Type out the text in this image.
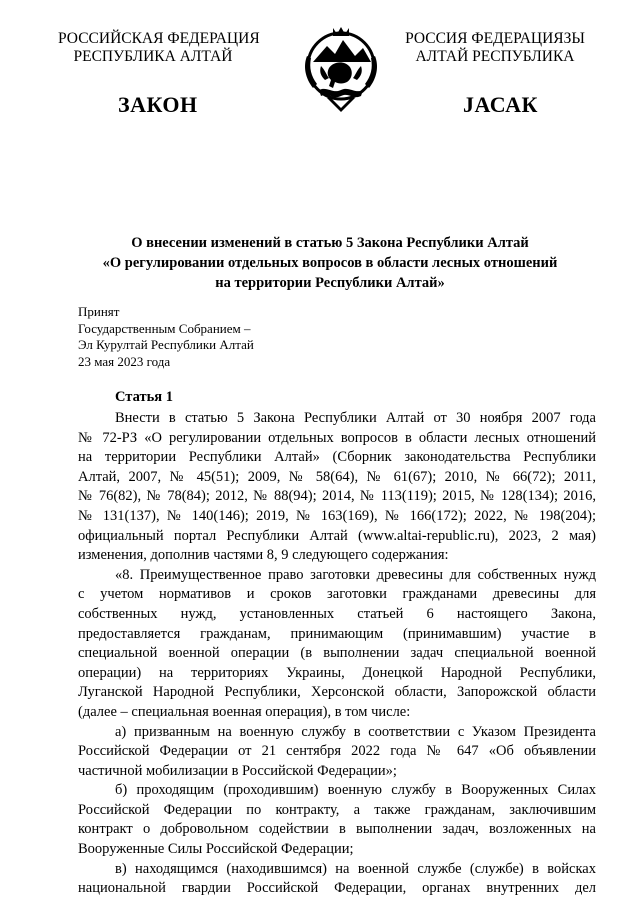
РОССИЙСКАЯ ФЕДЕРАЦИЯ
РЕСПУБЛИКА АЛТАЙ
РОССИЯ ФЕДЕРАЦИЯЗЫ
АЛТАЙ РЕСПУБЛИКА
ЗАКОН	JАСАК
О внесении изменений в статью 5 Закона Республики Алтай
«О регулировании отдельных вопросов в области лесных отношений
на территории Республики Алтай»
Принят
Государственным Собранием –
Эл Курултай Республики Алтай
23 мая 2023 года
Статья 1
Внести в статью 5 Закона Республики Алтай от 30 ноября 2007 года
№ 72-РЗ «О регулировании отдельных вопросов в области лесных отношений
на территории Республики Алтай» (Сборник законодательства Республики
Алтай, 2007, № 45(51); 2009, № 58(64), № 61(67); 2010, № 66(72); 2011,
№ 76(82), № 78(84); 2012, № 88(94); 2014, № 113(119); 2015, № 128(134); 2016,
№ 131(137), № 140(146); 2019, № 163(169), № 166(172); 2022, № 198(204);
официальный портал Республики Алтай (www.altai-republic.ru), 2023, 2 мая)
изменения, дополнив частями 8, 9 следующего содержания:
«8. Преимущественное право заготовки древесины для собственных нужд
с учетом нормативов и сроков заготовки гражданами древесины для
собственных нужд, установленных статьей 6 настоящего Закона,
предоставляется гражданам, принимающим (принимавшим) участие в
специальной военной операции (в выполнении задач специальной военной
операции) на территориях Украины, Донецкой Народной Республики,
Луганской Народной Республики, Херсонской области, Запорожской области
(далее – специальная военная операция), в том числе:
а) призванным на военную службу в соответствии с Указом Президента
Российской Федерации от 21 сентября 2022 года № 647 «Об объявлении
частичной мобилизации в Российской Федерации»;
б) проходящим (проходившим) военную службу в Вооруженных Силах
Российской Федерации по контракту, а также гражданам, заключившим
контракт о добровольном содействии в выполнении задач, возложенных на
Вооруженные Силы Российской Федерации;
в) находящимся (находившимся) на военной службе (службе) в войсках
национальной гвардии Российской Федерации, органах внутренних дел
